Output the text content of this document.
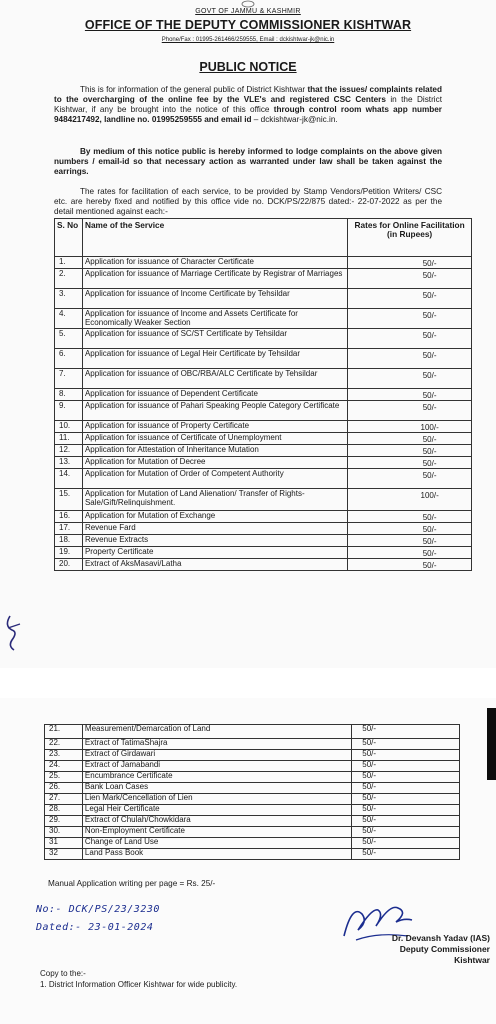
GOVT OF JAMMU & KASHMIR
OFFICE OF THE DEPUTY COMMISSIONER KISHTWAR
Phone/Fax : 01995-261466/259555, Email : dckishtwar-jk@nic.in
PUBLIC NOTICE
This is for information of the general public of District Kishtwar that the issues/ complaints related to the overcharging of the online fee by the VLE's and registered CSC Centers in the District Kishtwar, if any be brought into the notice of this office through control room whats app number 9484217492, landline no. 01995259555 and email id – dckishtwar-jk@nic.in.
By medium of this notice public is hereby informed to lodge complaints on the above given numbers / email-id so that necessary action as warranted under law shall be taken against the earrings.
The rates for facilitation of each service, to be provided by Stamp Vendors/Petition Writers/ CSC etc. are hereby fixed and notified by this office vide no. DCK/PS/22/875 dated:- 22-07-2022 as per the detail mentioned against each:-
S. No	Name of the Service	Rates for Online Facilitation (in Rupees)
1.	Application for issuance of Character Certificate	50/-
2.	Application for issuance of Marriage Certificate by Registrar of Marriages	50/-
3.	Application for issuance of Income Certificate by Tehsildar	50/-
4.	Application for issuance of Income and Assets Certificate for Economically Weaker Section	50/-
5.	Application for issuance of SC/ST Certificate by Tehsildar	50/-
6.	Application for issuance of Legal Heir Certificate by Tehsildar	50/-
7.	Application for issuance of OBC/RBA/ALC Certificate by Tehsildar	50/-
8.	Application for issuance of Dependent Certificate	50/-
9.	Application for issuance of Pahari Speaking People Category Certificate	50/-
10.	Application for issuance of Property Certificate	100/-
11.	Application for issuance of Certificate of Unemployment	50/-
12.	Application for Attestation of Inheritance Mutation	50/-
13.	Application for Mutation of Decree	50/-
14.	Application for Mutation of Order of Competent Authority	50/-
15.	Application for Mutation of Land Alienation/ Transfer of Rights-Sale/Gift/Relinquishment.	100/-
16.	Application for Mutation of Exchange	50/-
17.	Revenue Fard	50/-
18.	Revenue Extracts	50/-
19.	Property Certificate	50/-
20.	Extract of AksMasavi/Latha	50/-
21.	Measurement/Demarcation of Land	50/-
22.	Extract of TatimaShajra	50/-
23.	Extract of Girdawari	50/-
24.	Extract of Jamabandi	50/-
25.	Encumbrance Certificate	50/-
26.	Bank Loan Cases	50/-
27.	Lien Mark/Cencellation of Lien	50/-
28.	Legal Heir Certificate	50/-
29.	Extract of Chulah/Chowkidara	50/-
30.	Non-Employment Certificate	50/-
31	Change of Land Use	50/-
32	Land Pass Book	50/-
Manual Application writing per page = Rs. 25/-
No:- DCK/PS/23/3230
Dated:- 23-01-2024
Dr. Devansh Yadav (IAS)
Deputy Commissioner
Kishtwar
Copy to the:-
1. District Information Officer Kishtwar for wide publicity.
